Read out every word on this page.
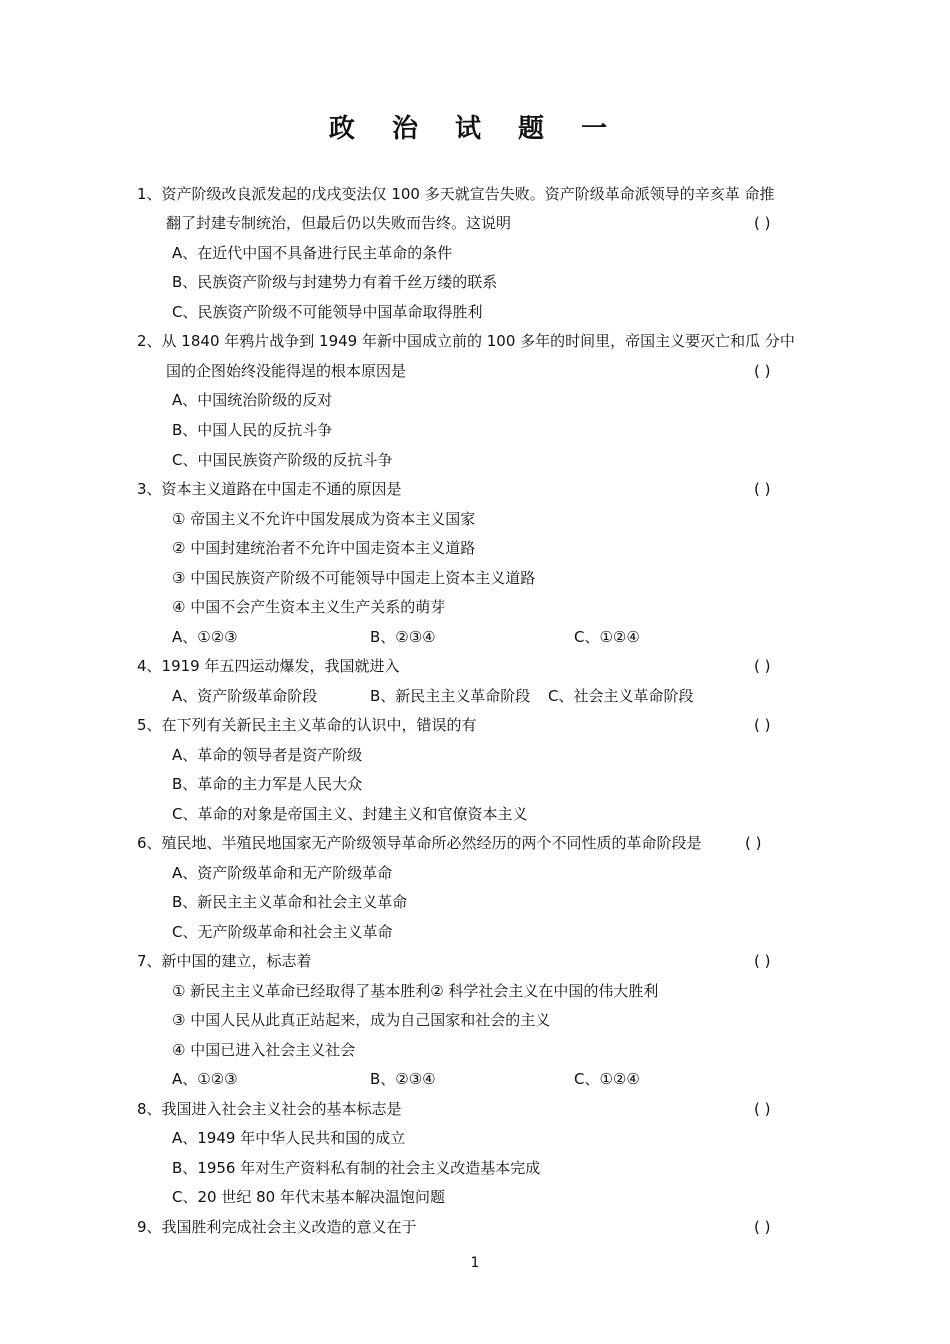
政 治 试 题 一
1、资产阶级改良派发起的戊戌变法仅 100 多天就宣告失败。资产阶级革命派领导的辛亥革 命推
翻了封建专制统治，但最后仍以失败而告终。这说明	( )
A、在近代中国不具备进行民主革命的条件
B、民族资产阶级与封建势力有着千丝万缕的联系
C、民族资产阶级不可能领导中国革命取得胜利
2、从 1840 年鸦片战争到 1949 年新中国成立前的 100 多年的时间里，帝国主义要灭亡和瓜 分中
国的企图始终没能得逞的根本原因是	( )
A、中国统治阶级的反对
B、中国人民的反抗斗争
C、中国民族资产阶级的反抗斗争
3、资本主义道路在中国走不通的原因是	( )
① 帝国主义不允许中国发展成为资本主义国家
② 中国封建统治者不允许中国走资本主义道路
③ 中国民族资产阶级不可能领导中国走上资本主义道路
④ 中国不会产生资本主义生产关系的萌芽
A、①②③	B、②③④	C、①②④
4、1919 年五四运动爆发，我国就进入	( )
A、资产阶级革命阶段	B、新民主主义革命阶段 C、社会主义革命阶段
5、在下列有关新民主主义革命的认识中，错误的有	( )
A、革命的领导者是资产阶级
B、革命的主力军是人民大众
C、革命的对象是帝国主义、封建主义和官僚资本主义
6、殖民地、半殖民地国家无产阶级领导革命所必然经历的两个不同性质的革命阶段是	( )
A、资产阶级革命和无产阶级革命
B、新民主主义革命和社会主义革命
C、无产阶级革命和社会主义革命
7、新中国的建立，标志着	( )
① 新民主主义革命已经取得了基本胜利② 科学社会主义在中国的伟大胜利
③ 中国人民从此真正站起来，成为自己国家和社会的主义
④ 中国已进入社会主义社会
A、①②③	B、②③④	C、①②④
8、我国进入社会主义社会的基本标志是	( )
A、1949 年中华人民共和国的成立
B、1956 年对生产资料私有制的社会主义改造基本完成
C、20 世纪 80 年代末基本解决温饱问题
9、我国胜利完成社会主义改造的意义在于	( )
1
